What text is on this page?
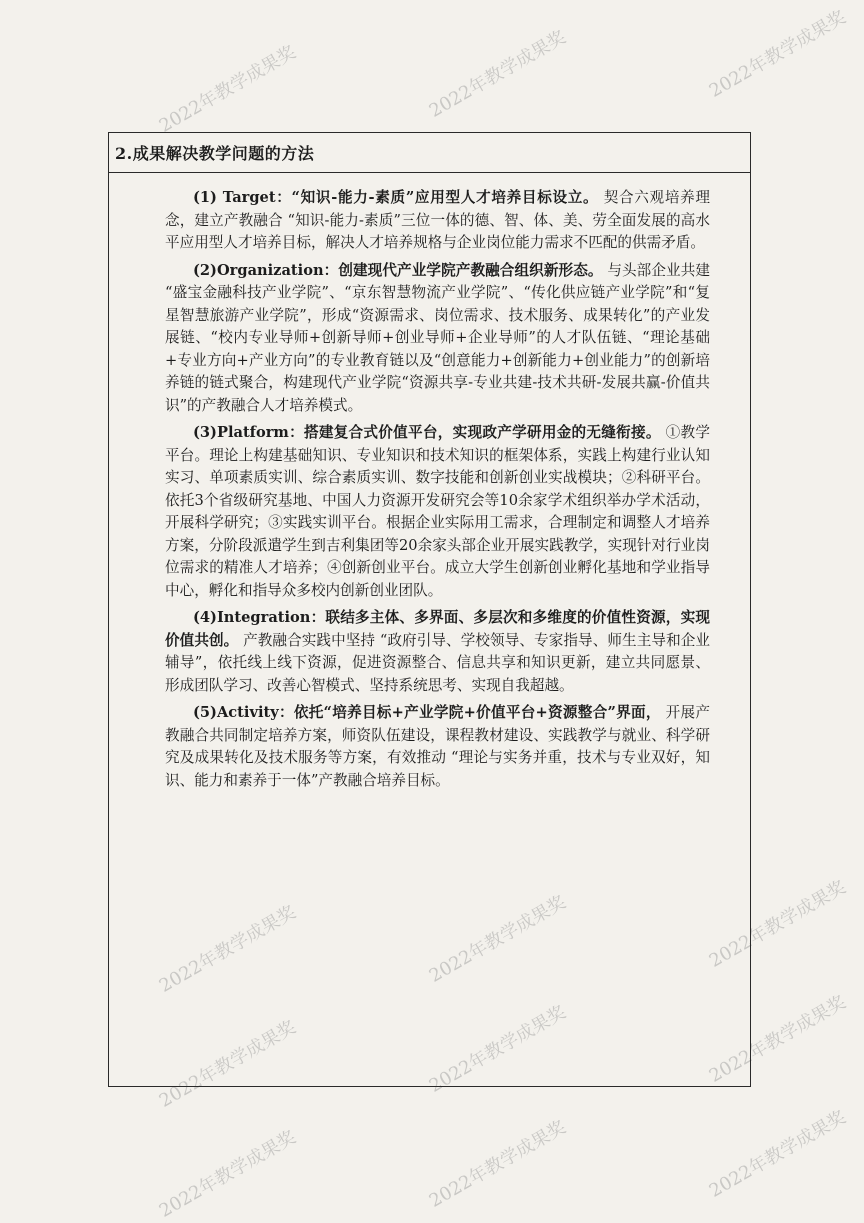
2022年教学成果奖	2022年教学成果奖	2022年教学成果奖
2022年教学成果奖	2022年教学成果奖	2022年教学成果奖
2022年教学成果奖	2022年教学成果奖	2022年教学成果奖
2022年教学成果奖	2022年教学成果奖	2022年教学成果奖
2.成果解决教学问题的方法

(1) Target：“知识-能力-素质”应用型人才培养目标设立。 契合六观培养理念，建立产教融合 “知识-能力-素质”三位一体的德、智、体、美、劳全面发展的高水平应用型人才培养目标，解决人才培养规格与企业岗位能力需求不匹配的供需矛盾。

(2)Organization：创建现代产业学院产教融合组织新形态。 与头部企业共建 “盛宝金融科技产业学院”、“京东智慧物流产业学院”、“传化供应链产业学院”和“复星智慧旅游产业学院”，形成“资源需求、岗位需求、技术服务、成果转化”的产业发展链、“校内专业导师+创新导师+创业导师+企业导师”的人才队伍链、“理论基础+专业方向+产业方向”的专业教育链以及“创意能力+创新能力+创业能力”的创新培养链的链式聚合，构建现代产业学院“资源共享-专业共建-技术共研-发展共赢-价值共识”的产教融合人才培养模式。

(3)Platform：搭建复合式价值平台，实现政产学研用金的无缝衔接。 ①教学平台。理论上构建基础知识、专业知识和技术知识的框架体系，实践上构建行业认知实习、单项素质实训、综合素质实训、数字技能和创新创业实战模块；②科研平台。依托3个省级研究基地、中国人力资源开发研究会等10余家学术组织举办学术活动，开展科学研究；③实践实训平台。根据企业实际用工需求，合理制定和调整人才培养方案，分阶段派遣学生到吉利集团等20余家头部企业开展实践教学，实现针对行业岗位需求的精准人才培养；④创新创业平台。成立大学生创新创业孵化基地和学业指导中心，孵化和指导众多校内创新创业团队。

(4)Integration：联结多主体、多界面、多层次和多维度的价值性资源，实现价值共创。 产教融合实践中坚持 “政府引导、学校领导、专家指导、师生主导和企业辅导”，依托线上线下资源，促进资源整合、信息共享和知识更新，建立共同愿景、形成团队学习、改善心智模式、坚持系统思考、实现自我超越。

(5)Activity：依托“培养目标+产业学院+价值平台+资源整合”界面， 开展产教融合共同制定培养方案，师资队伍建设，课程教材建设、实践教学与就业、科学研究及成果转化及技术服务等方案，有效推动 “理论与实务并重，技术与专业双好，知识、能力和素养于一体”产教融合培养目标。
